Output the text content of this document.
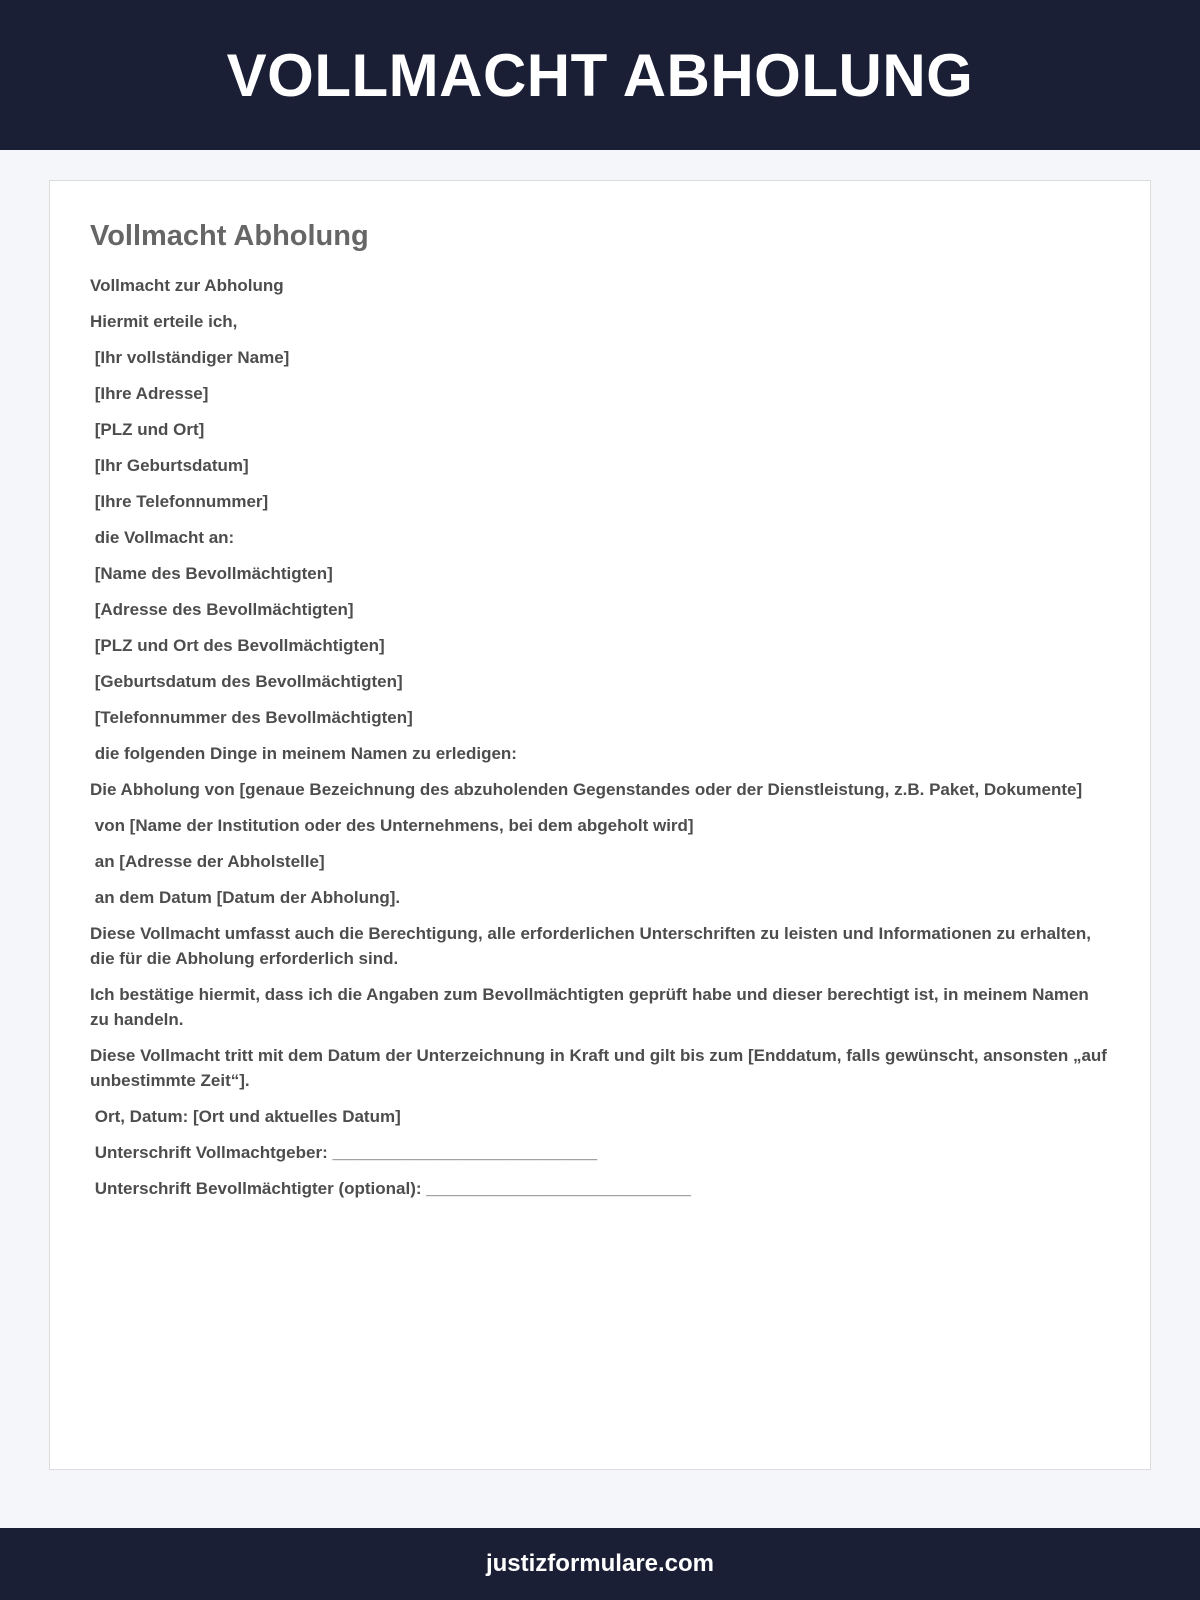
VOLLMACHT ABHOLUNG
Vollmacht Abholung

Vollmacht zur Abholung

Hiermit erteile ich,

[Ihr vollständiger Name]

[Ihre Adresse]

[PLZ und Ort]

[Ihr Geburtsdatum]

[Ihre Telefonnummer]

die Vollmacht an:

[Name des Bevollmächtigten]

[Adresse des Bevollmächtigten]

[PLZ und Ort des Bevollmächtigten]

[Geburtsdatum des Bevollmächtigten]

[Telefonnummer des Bevollmächtigten]

die folgenden Dinge in meinem Namen zu erledigen:

Die Abholung von [genaue Bezeichnung des abzuholenden Gegenstandes oder der Dienstleistung, z.B. Paket, Dokumente]

von [Name der Institution oder des Unternehmens, bei dem abgeholt wird]

an [Adresse der Abholstelle]

an dem Datum [Datum der Abholung].

Diese Vollmacht umfasst auch die Berechtigung, alle erforderlichen Unterschriften zu leisten und Informationen zu erhalten, die für die Abholung erforderlich sind.

Ich bestätige hiermit, dass ich die Angaben zum Bevollmächtigten geprüft habe und dieser berechtigt ist, in meinem Namen zu handeln.

Diese Vollmacht tritt mit dem Datum der Unterzeichnung in Kraft und gilt bis zum [Enddatum, falls gewünscht, ansonsten „auf unbestimmte Zeit“].

Ort, Datum: [Ort und aktuelles Datum]

Unterschrift Vollmachtgeber: ____________________________

Unterschrift Bevollmächtigter (optional): ____________________________

justizformulare.com
